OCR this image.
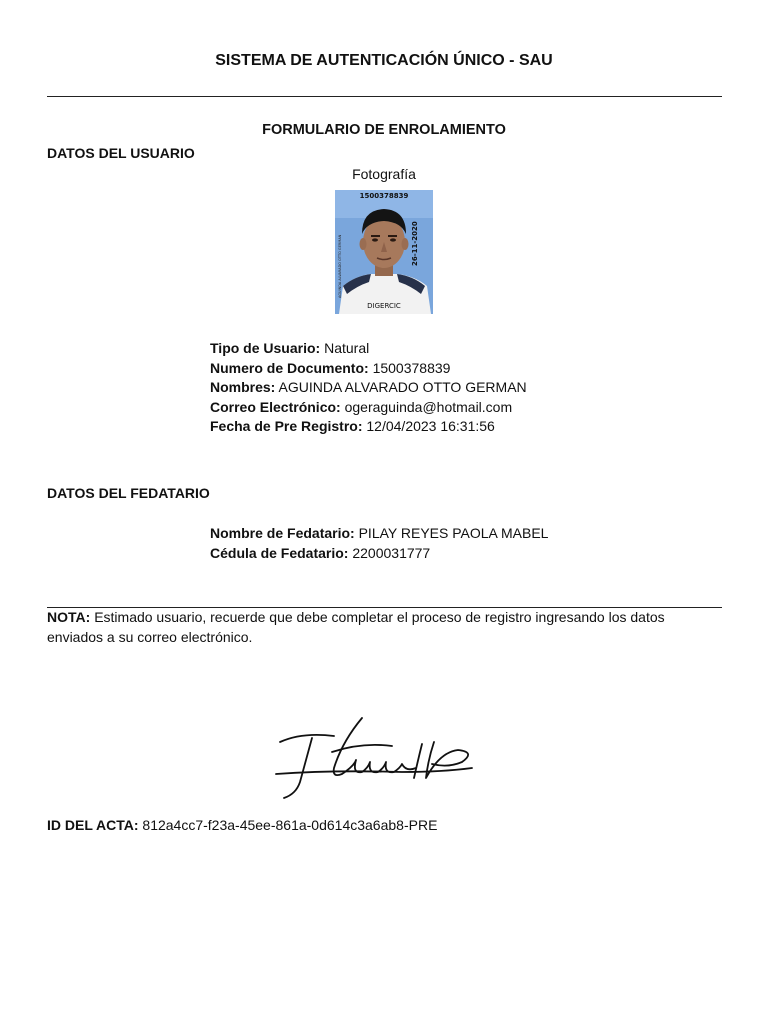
SISTEMA DE AUTENTICACIÓN ÚNICO - SAU
FORMULARIO DE ENROLAMIENTO
DATOS DEL USUARIO
Fotografía
1500378839
26-11-2020
AGUINDA ALVARADO OTTO GERMAN
DIGERCIC
Tipo de Usuario: Natural
Numero de Documento: 1500378839
Nombres: AGUINDA ALVARADO OTTO GERMAN
Correo Electrónico: ogeraguinda@hotmail.com
Fecha de Pre Registro: 12/04/2023 16:31:56
DATOS DEL FEDATARIO
Nombre de Fedatario: PILAY REYES PAOLA MABEL
Cédula de Fedatario: 2200031777
NOTA: Estimado usuario, recuerde que debe completar el proceso de registro ingresando los datos enviados a su correo electrónico.
ID DEL ACTA: 812a4cc7-f23a-45ee-861a-0d614c3a6ab8-PRE
